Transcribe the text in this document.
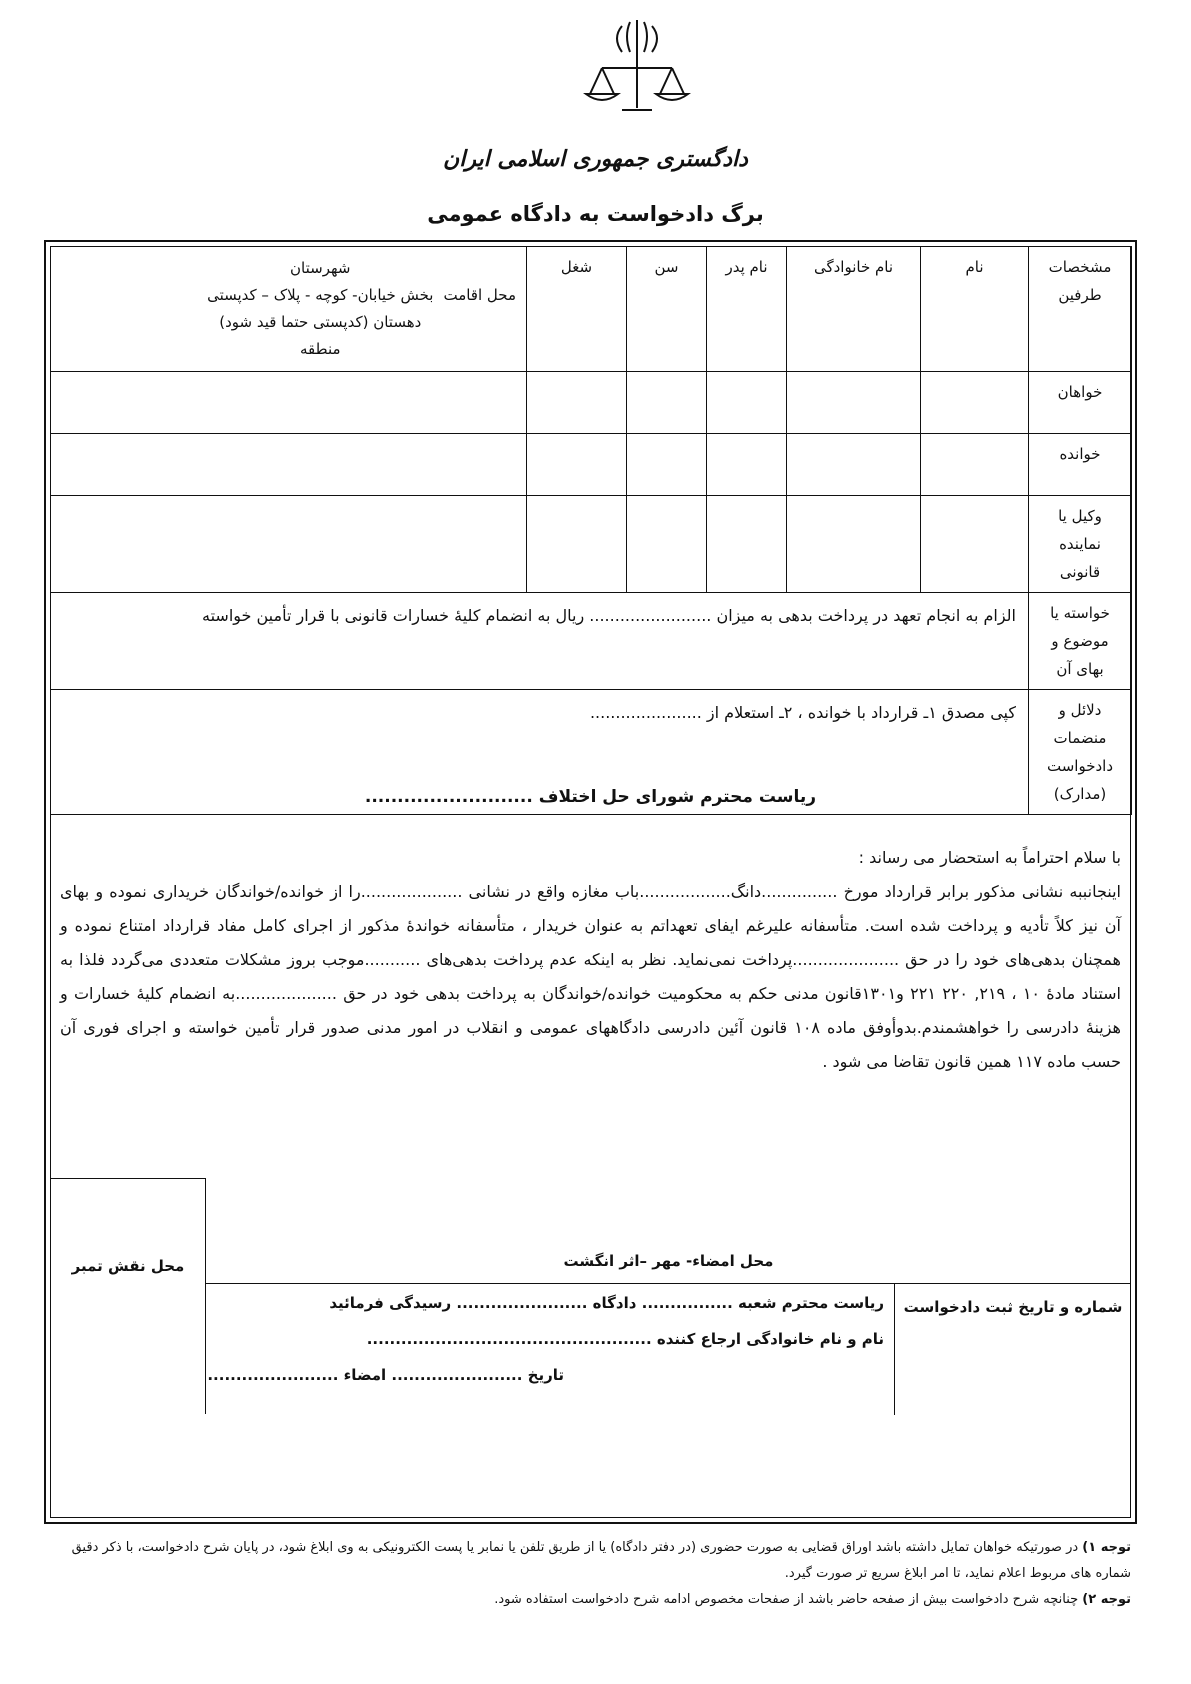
دادگستری جمهوری اسلامی ایران
برگ دادخواست به دادگاه عمومی
مشخصات طرفین	نام	نام خانوادگی	نام پدر	سن	شغل	محل اقامت
شهرستان
بخش خیابان- کوچه - پلاک – کدپستی
دهستان (کدپستی حتما قید شود)
منطقه

خواهان						
خوانده						
وکیل یا نماینده قانونی						
خواسته یا موضوع و بهای آن	الزام به انجام تعهد در پرداخت بدهی به میزان ........................ ریال به انضمام کلیهٔ خسارات قانونی با قرار تأمین خواسته					
دلائل و منضمات دادخواست (مدارک)	کپی مصدق ۱ـ قرارداد با خوانده ، ۲ـ استعلام از ......................					
ریاست محترم شورای حل اختلاف ..........................

با سلام احتراماً به استحضار می رساند :

اینجانببه نشانی مذکور برابر قرارداد مورخ ...............دانگ..................باب مغازه واقع در نشانی ....................را از خوانده/خواندگان خریداری نموده و بهای آن نیز کلاً تأدیه و پرداخت شده است. متأسفانه علیرغم ایفای تعهداتم به عنوان خریدار ، متأسفانه خواندهٔ مذکور از اجرای کامل مفاد قرارداد امتناع نموده و همچنان بدهی‌های خود را در حق .....................پرداخت نمی‌نماید. نظر به اینکه عدم پرداخت بدهی‌های ...........موجب بروز مشکلات متعددی می‌گردد فلذا به استناد مادهٔ ۱۰ ، ۲۱۹, ۲۲۰ ۲۲۱ و۱۳۰۱قانون مدنی حکم به محکومیت خوانده/خواندگان به پرداخت بدهی خود در حق ....................به انضمام کلیهٔ خسارات و هزینهٔ دادرسی را خواهشمندم.بدوأوفق ماده ۱۰۸ قانون آئین دادرسی دادگاههای عمومی و انقلاب در امور مدنی صدور قرار تأمین خواسته و اجرای فوری آن حسب ماده ۱۱۷ همین قانون تقاضا می شود .

محل نقش تمبر	محل امضاء- مهر –اثر انگشت
شماره و تاریخ ثبت دادخواست
ریاست محترم شعبه ................ دادگاه ....................... رسیدگی فرمائید
نام و نام خانوادگی ارجاع کننده ..................................................
تاریخ ....................... امضاء .......................

توجه ۱) در صورتیکه خواهان تمایل داشته باشد اوراق قضایی به صورت حضوری (در دفتر دادگاه) یا از طریق تلفن یا نمابر یا پست الکترونیکی به وی ابلاغ شود، در پایان شرح دادخواست، با ذکر دقیق شماره های مربوط اعلام نماید، تا امر ابلاغ سریع تر صورت گیرد.

توجه ۲) چنانچه شرح دادخواست بیش از صفحه حاضر باشد از صفحات مخصوص ادامه شرح دادخواست استفاده شود.
